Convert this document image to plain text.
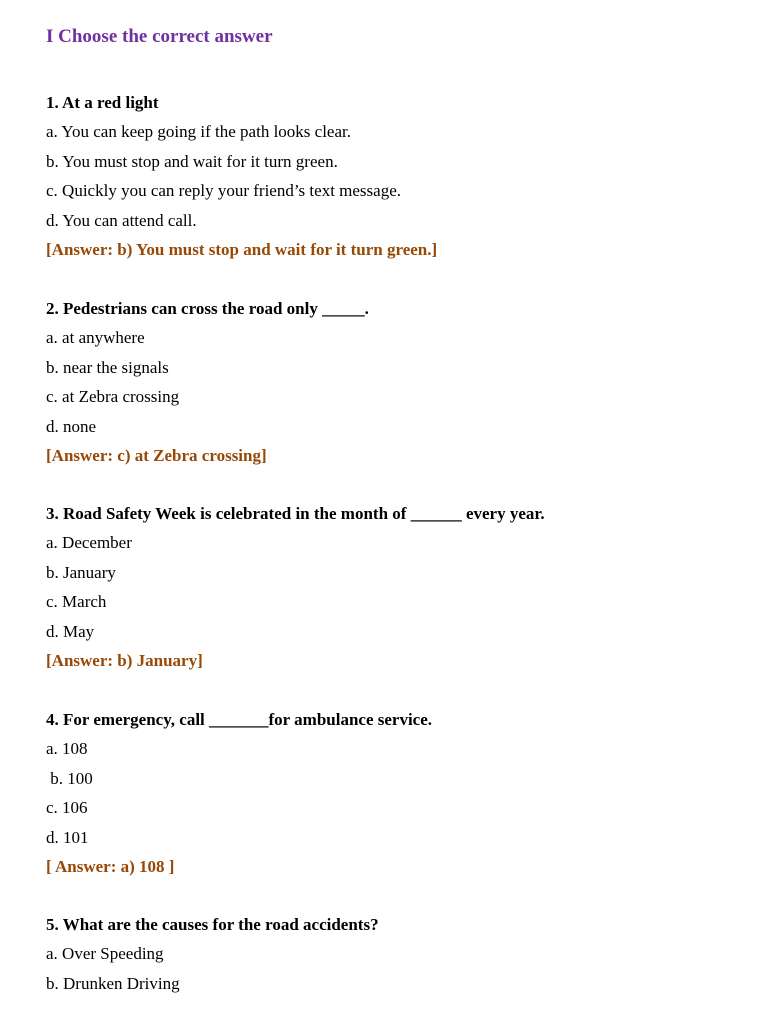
I Choose the correct answer
1. At a red light
a. You can keep going if the path looks clear.
b. You must stop and wait for it turn green.
c. Quickly you can reply your friend’s text message.
d. You can attend call.
[Answer: b) You must stop and wait for it turn green.]
2. Pedestrians can cross the road only _____.
a. at anywhere
b. near the signals
c. at Zebra crossing
d. none
[Answer: c) at Zebra crossing]
3. Road Safety Week is celebrated in the month of ______ every year.
a. December
b. January
c. March
d. May
[Answer: b) January]
4. For emergency, call _______for ambulance service.
a. 108
b. 100
c. 106
d. 101
[ Answer: a) 108 ]
5. What are the causes for the road accidents?
a. Over Speeding
b. Drunken Driving
